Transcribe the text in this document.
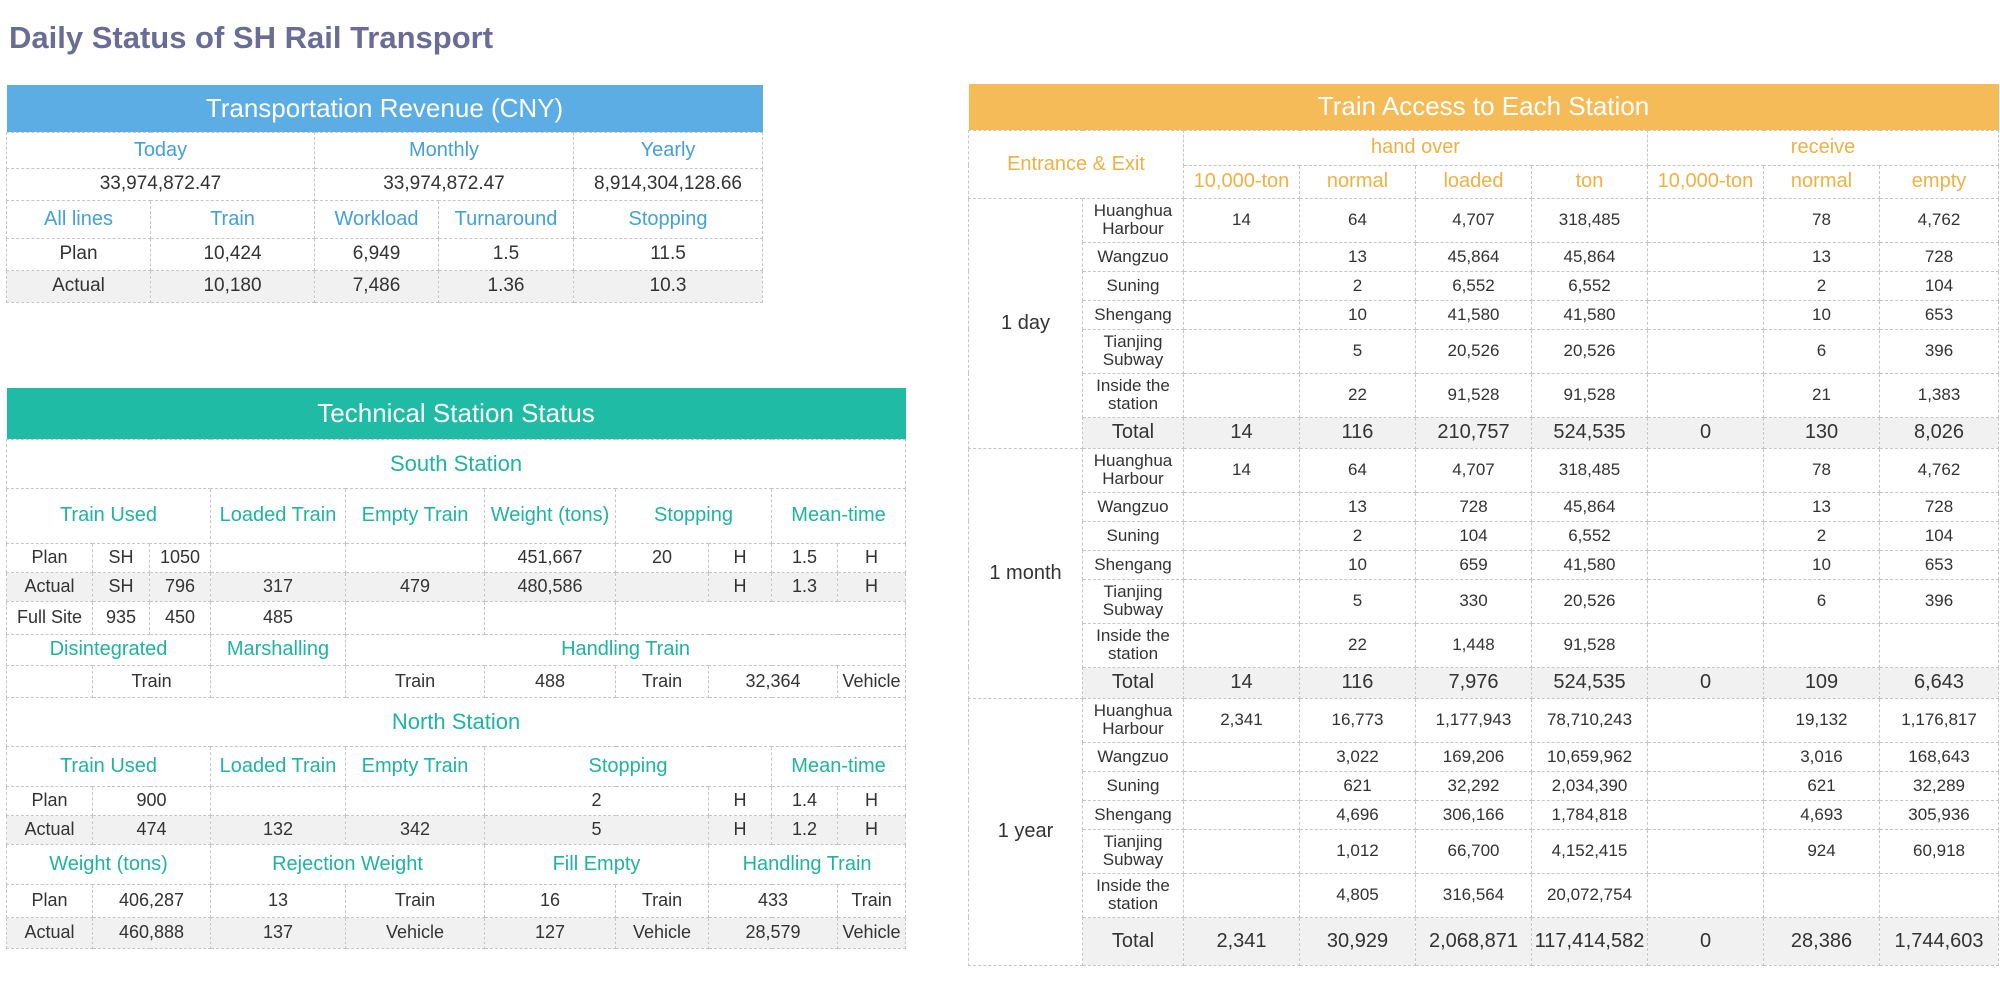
Daily Status of SH Rail Transport
Transportation Revenue (CNY)				
Today		Monthly		Yearly
33,974,872.47		33,974,872.47		8,914,304,128.66
All lines	Train	Workload	Turnaround	Stopping
Plan	10,424	6,949	1.5	11.5
Actual	10,180	7,486	1.36	10.3
Technical Station Status									
South Station									
Train Used			Loaded Train	Empty Train	Weight (tons)	Stopping		Mean-time	
Plan	SH	1050			451,667	20	H	1.5	H
Actual	SH	796	317	479	480,586		H	1.3	H
Full Site	935	450	485						
Disintegrated			Marshalling	Handling Train					
	Train			Train	488	Train	32,364		Vehicle
North Station									
Train Used			Loaded Train	Empty Train	Stopping			Mean-time	
Plan	900				2		H	1.4	H
Actual	474		132	342	5		H	1.2	H
Weight (tons)			Rejection Weight		Fill Empty		Handling Train		
Plan	406,287		13	Train	16	Train	433		Train
Actual	460,888		137	Vehicle	127	Vehicle	28,579		Vehicle
Train Access to Each Station								
Entrance & Exit		hand over				receive		
		10,000-ton	normal	loaded	ton	10,000-ton	normal	empty
1 day	Huanghua Harbour	14	64	4,707	318,485		78	4,762
	Wangzuo		13	45,864	45,864		13	728
	Suning		2	6,552	6,552		2	104
	Shengang		10	41,580	41,580		10	653
	Tianjing Subway		5	20,526	20,526		6	396
	Inside the station		22	91,528	91,528		21	1,383
	Total	14	116	210,757	524,535	0	130	8,026
1 month	Huanghua Harbour	14	64	4,707	318,485		78	4,762
	Wangzuo		13	728	45,864		13	728
	Suning		2	104	6,552		2	104
	Shengang		10	659	41,580		10	653
	Tianjing Subway		5	330	20,526		6	396
	Inside the station		22	1,448	91,528			
	Total	14	116	7,976	524,535	0	109	6,643
1 year	Huanghua Harbour	2,341	16,773	1,177,943	78,710,243		19,132	1,176,817
	Wangzuo		3,022	169,206	10,659,962		3,016	168,643
	Suning		621	32,292	2,034,390		621	32,289
	Shengang		4,696	306,166	1,784,818		4,693	305,936
	Tianjing Subway		1,012	66,700	4,152,415		924	60,918
	Inside the station		4,805	316,564	20,072,754			
	Total	2,341	30,929	2,068,871	117,414,582	0	28,386	1,744,603
